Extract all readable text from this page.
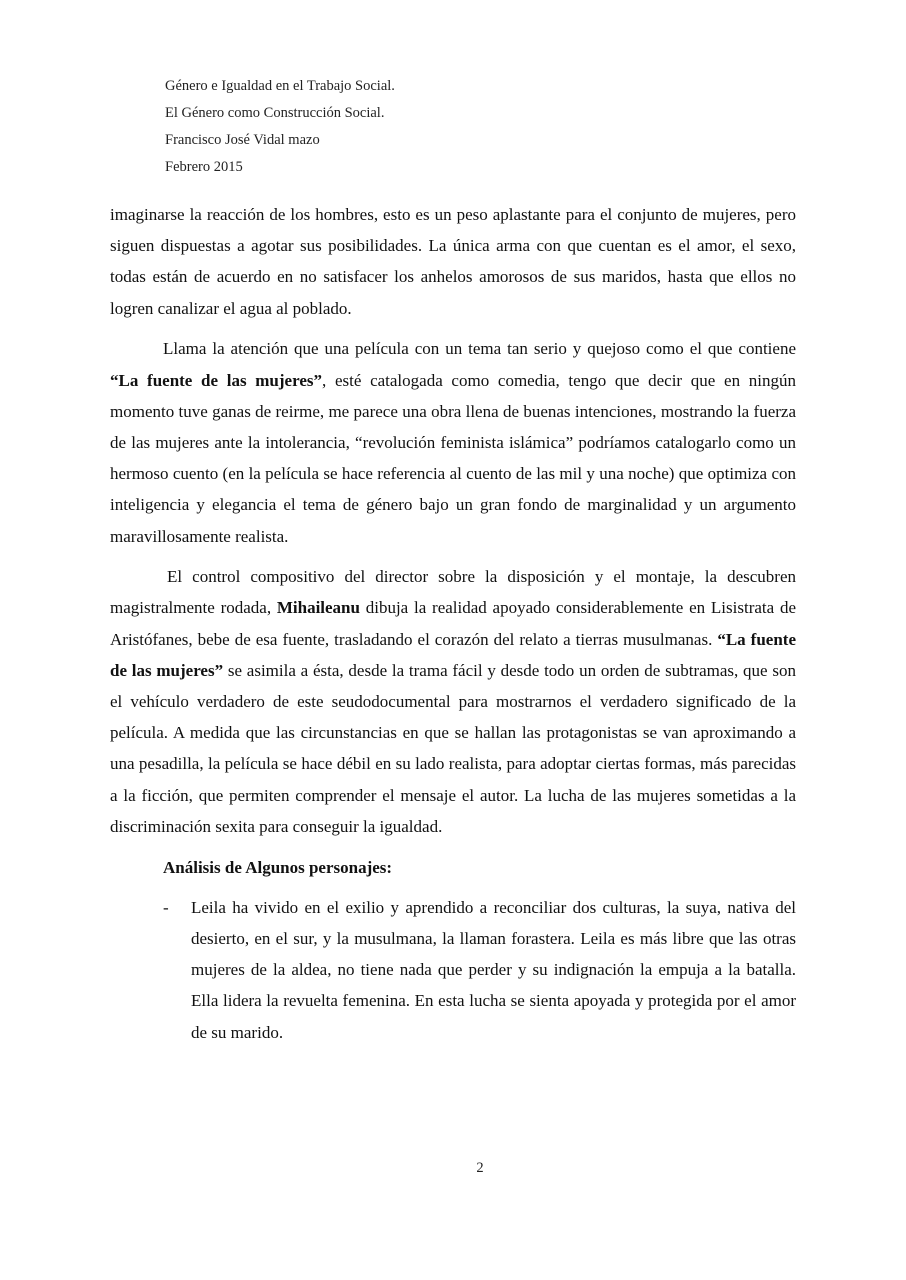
Género e Igualdad en el Trabajo Social.
El Género como Construcción Social.
Francisco José Vidal mazo
Febrero 2015

imaginarse la reacción de los hombres, esto es un peso aplastante para el conjunto de mujeres, pero siguen dispuestas a agotar sus posibilidades. La única arma con que cuentan es el amor, el sexo, todas están de acuerdo en no satisfacer los anhelos amorosos de sus maridos, hasta que ellos no logren canalizar el agua al poblado.

Llama la atención que una película con un tema tan serio y quejoso como el que contiene “La fuente de las mujeres”, esté catalogada como comedia, tengo que decir que en ningún momento tuve ganas de reirme, me parece una obra llena de buenas intenciones, mostrando la fuerza de las mujeres ante la intolerancia, “revolución feminista islámica” podríamos catalogarlo como un hermoso cuento (en la película se hace referencia al cuento de las mil y una noche) que optimiza con inteligencia y elegancia el tema de género bajo un gran fondo de marginalidad y un argumento maravillosamente realista.

El control compositivo del director sobre la disposición y el montaje, la descubren magistralmente rodada, Mihaileanu dibuja la realidad apoyado considerablemente en Lisistrata de Aristófanes, bebe de esa fuente, trasladando el corazón del relato a tierras musulmanas. “La fuente de las mujeres” se asimila a ésta, desde la trama fácil y desde todo un orden de subtramas, que son el vehículo verdadero de este seudodocumental para mostrarnos el verdadero significado de la película. A medida que las circunstancias en que se hallan las protagonistas se van aproximando a una pesadilla, la película se hace débil en su lado realista, para adoptar ciertas formas, más parecidas a la ficción, que permiten comprender el mensaje el autor. La lucha de las mujeres sometidas a la discriminación sexita para conseguir la igualdad.

Análisis de Algunos personajes:
-	Leila ha vivido en el exilio y aprendido a reconciliar dos culturas, la suya, nativa del desierto, en el sur, y la musulmana, la llaman forastera. Leila es más libre que las otras mujeres de la aldea, no tiene nada que perder y su indignación la empuja a la batalla. Ella lidera la revuelta femenina. En esta lucha se sienta apoyada y protegida por el amor de su marido.
2
